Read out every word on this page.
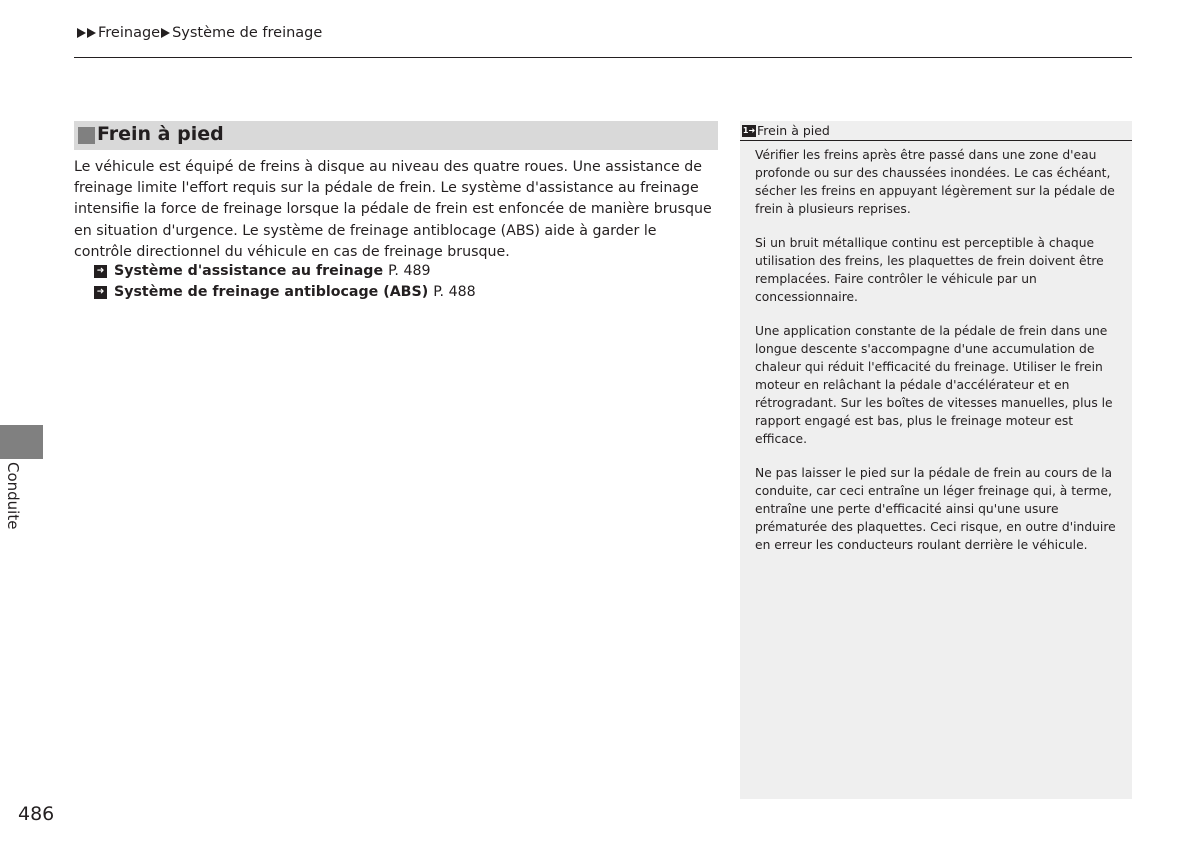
Freinage Système de freinage
Conduite
Frein à pied

Le véhicule est équipé de freins à disque au niveau des quatre roues. Une assistance de freinage limite l'effort requis sur la pédale de frein. Le système d'assistance au freinage intensifie la force de freinage lorsque la pédale de frein est enfoncée de manière brusque en situation d'urgence. Le système de freinage antiblocage (ABS) aide à garder le contrôle directionnel du véhicule en cas de freinage brusque.

➜ Système d'assistance au freinage P. 489
➜ Système de freinage antiblocage (ABS) P. 488
1➜ Frein à pied

Vérifier les freins après être passé dans une zone d'eau profonde ou sur des chaussées inondées. Le cas échéant, sécher les freins en appuyant légèrement sur la pédale de frein à plusieurs reprises.

Si un bruit métallique continu est perceptible à chaque utilisation des freins, les plaquettes de frein doivent être remplacées. Faire contrôler le véhicule par un concessionnaire.

Une application constante de la pédale de frein dans une longue descente s'accompagne d'une accumulation de chaleur qui réduit l'efficacité du freinage. Utiliser le frein moteur en relâchant la pédale d'accélérateur et en rétrogradant. Sur les boîtes de vitesses manuelles, plus le rapport engagé est bas, plus le freinage moteur est efficace.

Ne pas laisser le pied sur la pédale de frein au cours de la conduite, car ceci entraîne un léger freinage qui, à terme, entraîne une perte d'efficacité ainsi qu'une usure prématurée des plaquettes. Ceci risque, en outre d'induire en erreur les conducteurs roulant derrière le véhicule.

486
